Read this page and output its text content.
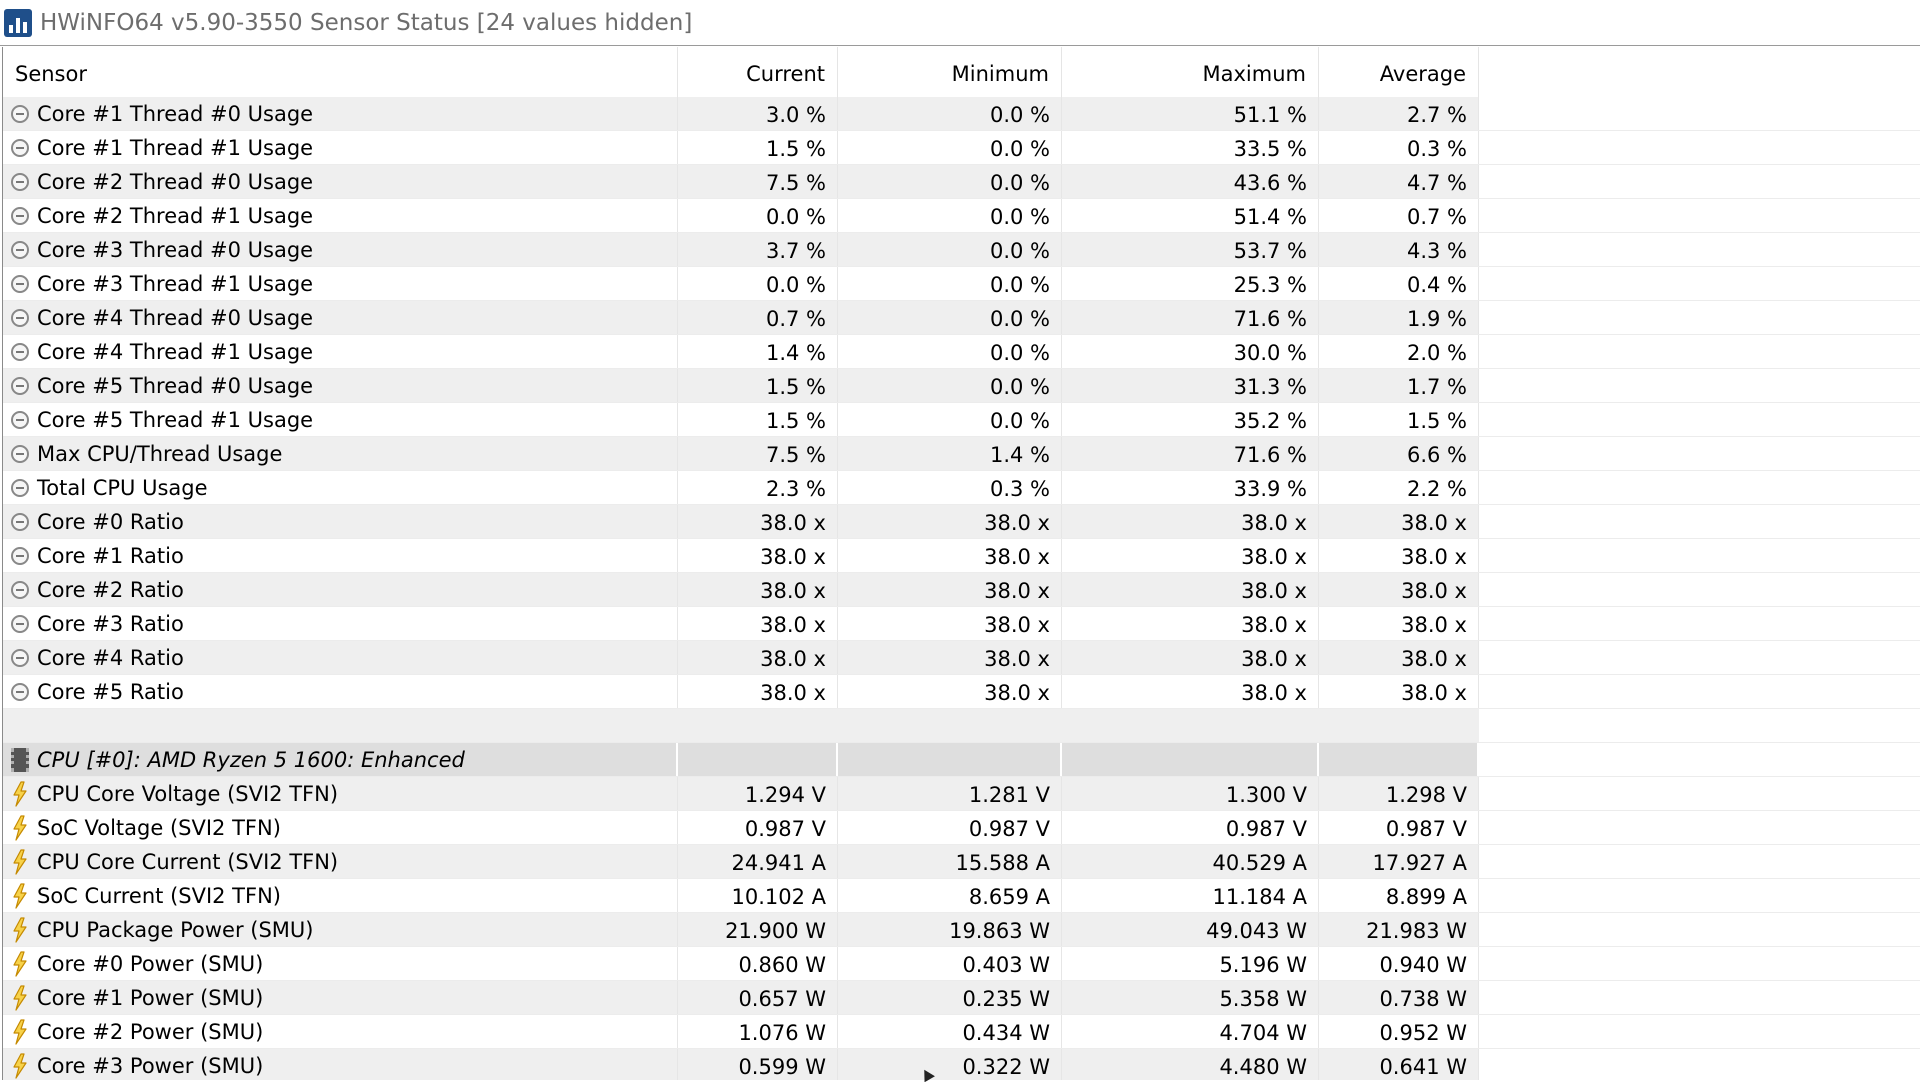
HWiNFO64 v5.90-3550 Sensor Status [24 values hidden]
Sensor	Current	Minimum	Maximum	Average
Core #1 Thread #0 Usage	3.0 %	0.0 %	51.1 %	2.7 %
Core #1 Thread #1 Usage	1.5 %	0.0 %	33.5 %	0.3 %
Core #2 Thread #0 Usage	7.5 %	0.0 %	43.6 %	4.7 %
Core #2 Thread #1 Usage	0.0 %	0.0 %	51.4 %	0.7 %
Core #3 Thread #0 Usage	3.7 %	0.0 %	53.7 %	4.3 %
Core #3 Thread #1 Usage	0.0 %	0.0 %	25.3 %	0.4 %
Core #4 Thread #0 Usage	0.7 %	0.0 %	71.6 %	1.9 %
Core #4 Thread #1 Usage	1.4 %	0.0 %	30.0 %	2.0 %
Core #5 Thread #0 Usage	1.5 %	0.0 %	31.3 %	1.7 %
Core #5 Thread #1 Usage	1.5 %	0.0 %	35.2 %	1.5 %
Max CPU/Thread Usage	7.5 %	1.4 %	71.6 %	6.6 %
Total CPU Usage	2.3 %	0.3 %	33.9 %	2.2 %
Core #0 Ratio	38.0 x	38.0 x	38.0 x	38.0 x
Core #1 Ratio	38.0 x	38.0 x	38.0 x	38.0 x
Core #2 Ratio	38.0 x	38.0 x	38.0 x	38.0 x
Core #3 Ratio	38.0 x	38.0 x	38.0 x	38.0 x
Core #4 Ratio	38.0 x	38.0 x	38.0 x	38.0 x
Core #5 Ratio	38.0 x	38.0 x	38.0 x	38.0 x
CPU [#0]: AMD Ryzen 5 1600: Enhanced
CPU Core Voltage (SVI2 TFN)	1.294 V	1.281 V	1.300 V	1.298 V
SoC Voltage (SVI2 TFN)	0.987 V	0.987 V	0.987 V	0.987 V
CPU Core Current (SVI2 TFN)	24.941 A	15.588 A	40.529 A	17.927 A
SoC Current (SVI2 TFN)	10.102 A	8.659 A	11.184 A	8.899 A
CPU Package Power (SMU)	21.900 W	19.863 W	49.043 W	21.983 W
Core #0 Power (SMU)	0.860 W	0.403 W	5.196 W	0.940 W
Core #1 Power (SMU)	0.657 W	0.235 W	5.358 W	0.738 W
Core #2 Power (SMU)	1.076 W	0.434 W	4.704 W	0.952 W
Core #3 Power (SMU)	0.599 W	0.322 W	4.480 W	0.641 W
